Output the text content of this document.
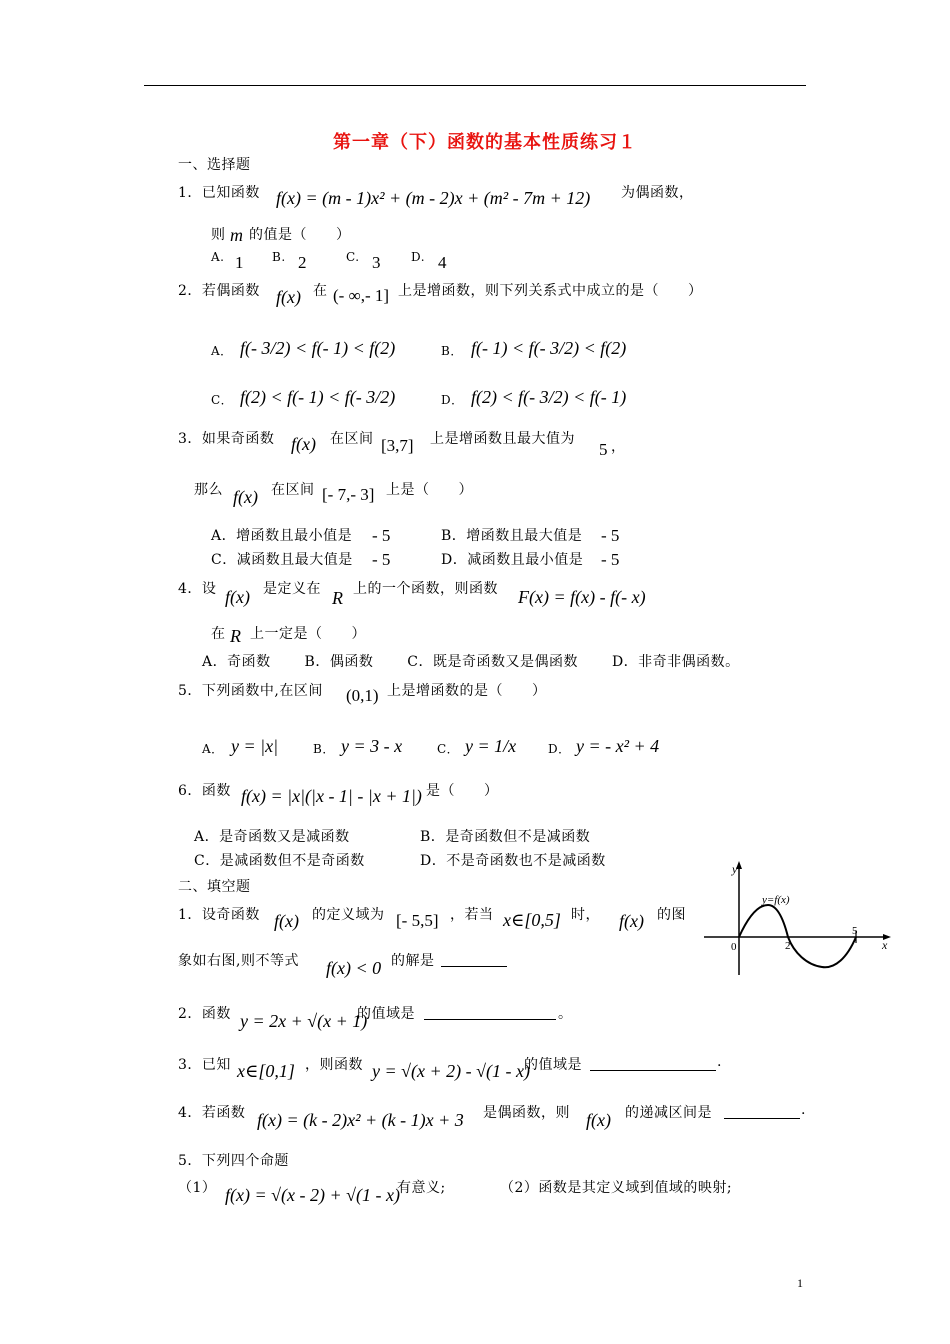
第一章（下）函数的基本性质练习１
一、选择题
1．已知函数 f(x) = (m - 1)x² + (m - 2)x + (m² - 7m + 12) 为偶函数，
则 m 的值是（　　）
A. 1 B. 2	C. 3	D. 4
2．若偶函数 f(x) 在 (- ∞,- 1] 上是增函数，则下列关系式中成立的是（　　）
A． f(- 3/2) < f(- 1) < f(2)	B． f(- 1) < f(- 3/2) < f(2)
C． f(2) < f(- 1) < f(- 3/2)	D． f(2) < f(- 3/2) < f(- 1)
3．如果奇函数 f(x) 在区间 [3,7] 上是增函数且最大值为
5 ，
那么 f(x) 在区间 [- 7,- 3] 上是（　　）
A．增函数且最小值是 - 5	B．增函数且最大值是 - 5
C．减函数且最大值是 - 5	D．减函数且最小值是 - 5
4．设 f(x) 是定义在 R 上的一个函数，则函数 F(x) = f(x) - f(- x)
在 R 上一定是（　　）
A．奇函数　　 B．偶函数　　 C．既是奇函数又是偶函数　　 D．非奇非偶函数。
5．下列函数中,在区间 (0,1) 上是增函数的是（　　）
A． y = |x|	B． y = 3 - x	C． y = 1/x	D． y = - x² + 4
6．函数 f(x) = |x|(|x - 1| - |x + 1|) 是（　　）
A．是奇函数又是减函数	B．是奇函数但不是减函数
C．是减函数但不是奇函数	D．不是奇函数也不是减函数
二、填空题
1．设奇函数 f(x) 的定义域为 [- 5,5] ，若当 x∈[0,5] 时， f(x) 的图
象如右图,则不等式 f(x) < 0 的解是
y
x
y=f(x)
0	2
5
2．函数 y = 2x + √(x + 1)
的值域是	。
3．已知 x∈[0,1] ，则函数 y = √(x + 2) - √(1 - x)
的值域是	.
4．若函数 f(x) = (k - 2)x² + (k - 1)x + 3 是偶函数，则 f(x) 的递减区间是	.
5．下列四个命题
（1） f(x) = √(x - 2) + √(1 - x)
有意义;	（2）函数是其定义域到值域的映射;
1
